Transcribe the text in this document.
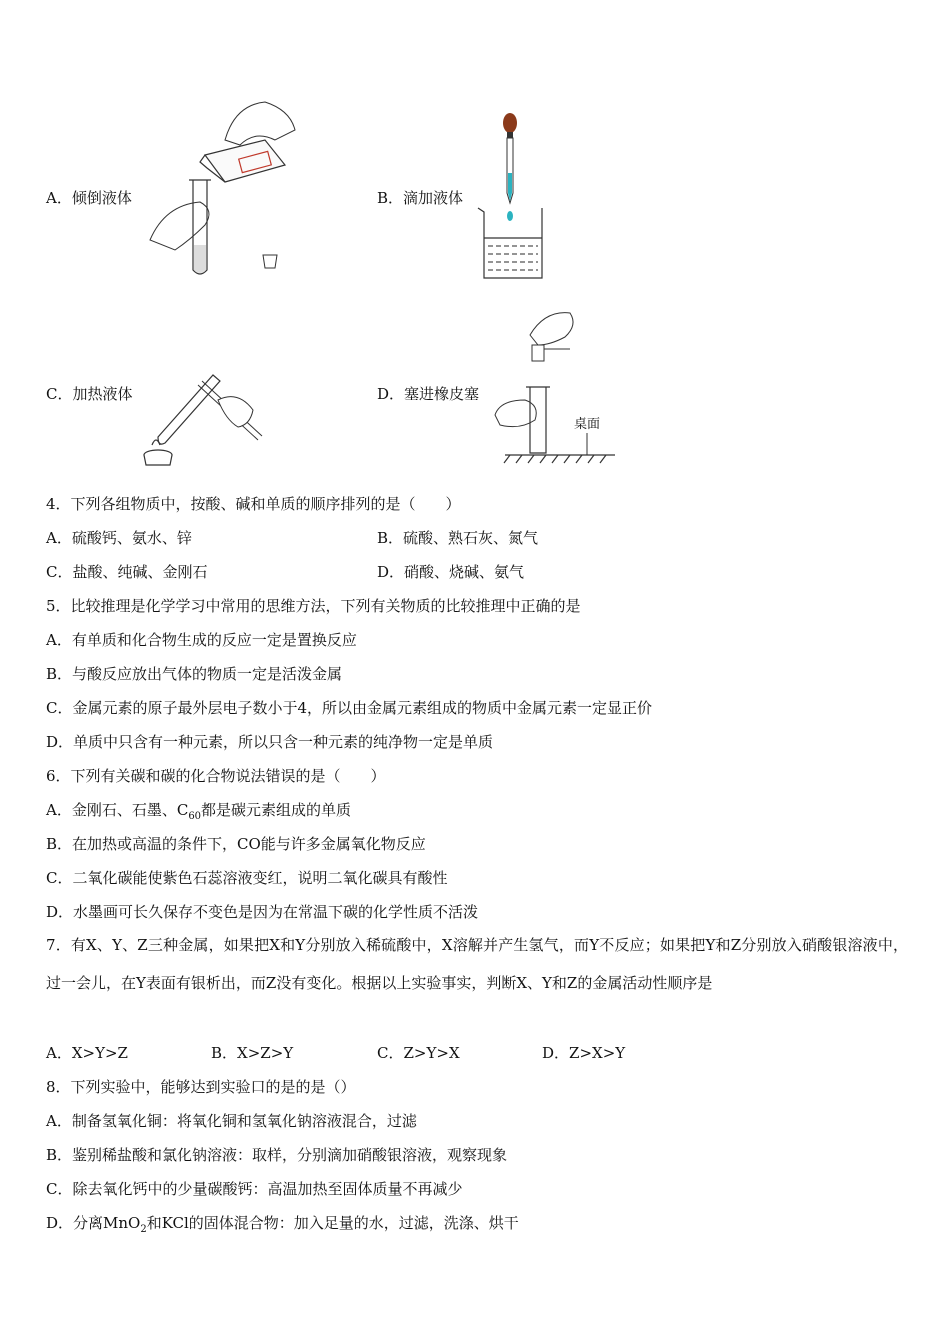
A．倾倒液体	B．滴加液体
C．加热液体	D．塞进橡皮塞
桌面
4．下列各组物质中，按酸、碱和单质的顺序排列的是（　　）
A．硫酸钙、氨水、锌	B．硫酸、熟石灰、氮气
C．盐酸、纯碱、金刚石	D．硝酸、烧碱、氨气
5．比较推理是化学学习中常用的思维方法，下列有关物质的比较推理中正确的是
A．有单质和化合物生成的反应一定是置换反应
B．与酸反应放出气体的物质一定是活泼金属
C．金属元素的原子最外层电子数小于4，所以由金属元素组成的物质中金属元素一定显正价
D．单质中只含有一种元素，所以只含一种元素的纯净物一定是单质
6．下列有关碳和碳的化合物说法错误的是（　　）
A．金刚石、石墨、$C_{60}$都是碳元素组成的单质
B．在加热或高温的条件下，CO能与许多金属氧化物反应
C．二氧化碳能使紫色石蕊溶液变红，说明二氧化碳具有酸性
D．水墨画可长久保存不变色是因为在常温下碳的化学性质不活泼
7．有X、Y、Z三种金属，如果把X和Y分别放入稀硫酸中，X溶解并产生氢气，而Y不反应；如果把Y和Z分别放入硝酸银溶液中，过一会儿，在Y表面有银析出，而Z没有变化。根据以上实验事实，判断X、Y和Z的金属活动性顺序是
A．X>Y>Z	B．X>Z>Y	C．Z>Y>X	D．Z>X>Y
8．下列实验中，能够达到实验口的是的是（）
A．制备氢氧化铜：将氧化铜和氢氧化钠溶液混合，过滤
B．鉴别稀盐酸和氯化钠溶液：取样，分别滴加硝酸银溶液，观察现象
C．除去氧化钙中的少量碳酸钙：高温加热至固体质量不再减少
D．分离MnO$_2$和KCl的固体混合物：加入足量的水，过滤，洗涤、烘干
